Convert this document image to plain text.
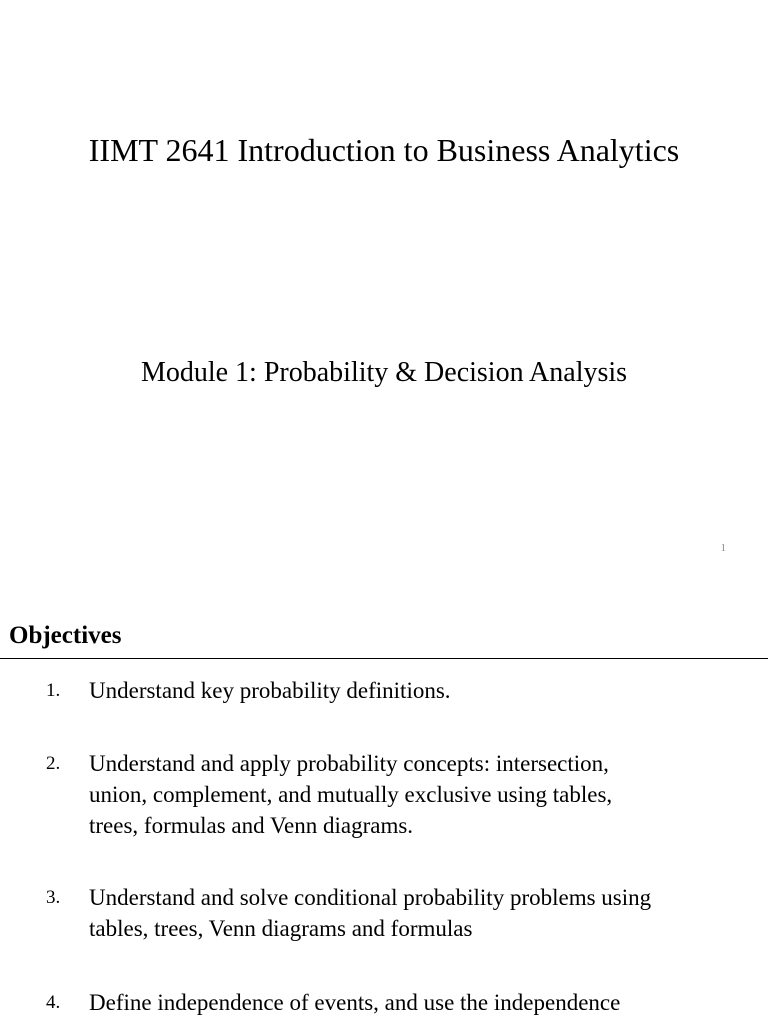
IIMT 2641 Introduction to Business Analytics
Module 1: Probability & Decision Analysis
1
Objectives
1.	Understand key probability definitions.
2.	Understand and apply probability concepts: intersection,
union, complement, and mutually exclusive using tables,
trees, formulas and Venn diagrams.
3.	Understand and solve conditional probability problems using
tables, trees, Venn diagrams and formulas
4.	Define independence of events, and use the independence
